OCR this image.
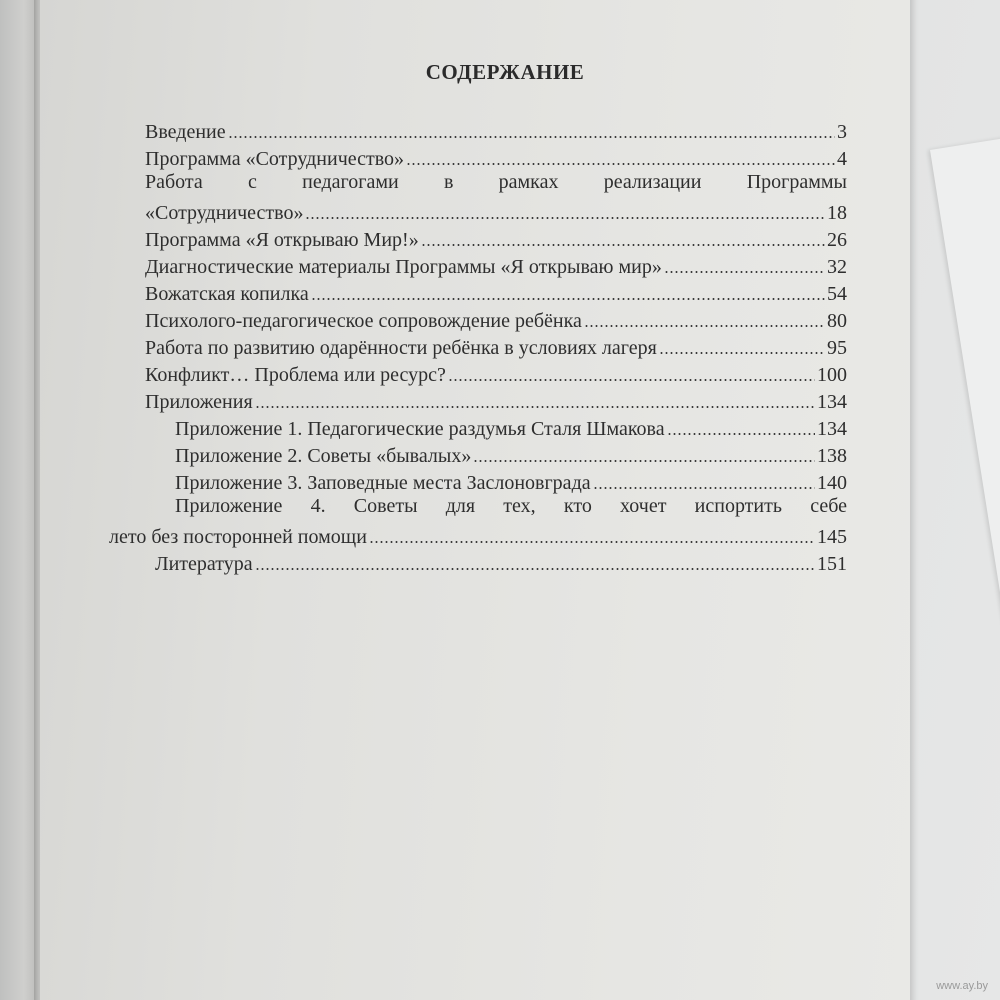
СОДЕРЖАНИЕ
Введение	3
Программа «Сотрудничество»	4
Работа с педагогами в рамках реализации Программы
«Сотрудничество»	18
Программа «Я открываю Мир!»	26
Диагностические материалы Программы «Я открываю мир»	32
Вожатская копилка	54
Психолого-педагогическое сопровождение ребёнка	80
Работа по развитию одарённости ребёнка в условиях лагеря	95
Конфликт… Проблема или ресурс?	100
Приложения	134
Приложение 1. Педагогические раздумья Сталя Шмакова	134
Приложение 2. Советы «бывалых»	138
Приложение 3. Заповедные места Заслоновграда	140
Приложение 4. Советы для тех, кто хочет испортить себе
лето без посторонней помощи	145
Литература	151
www.ay.by
